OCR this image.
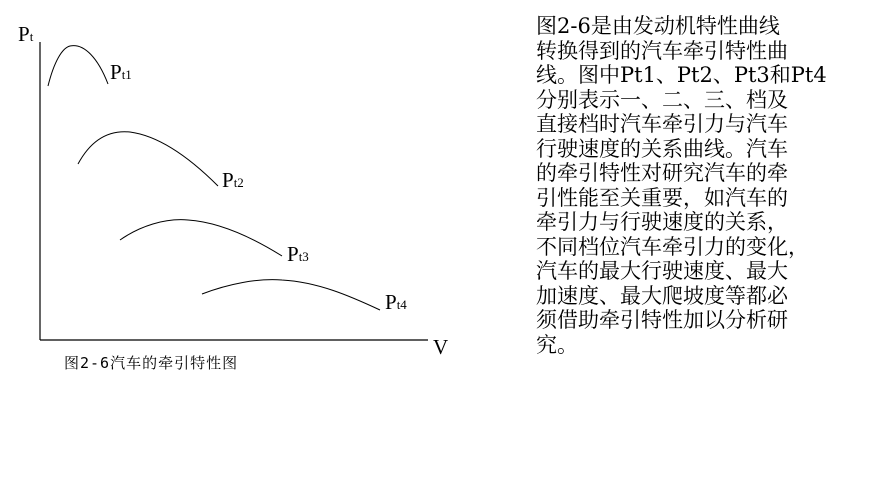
Pt
V
Pt1
Pt2
Pt3
Pt4
图2-6汽车的牵引特性图

图2-6是由发动机特性曲线

转换得到的汽车牵引特性曲

线。图中Pt1、Pt2、Pt3和Pt4

分别表示一、二、三、档及

直接档时汽车牵引力与汽车

行驶速度的关系曲线。汽车

的牵引特性对研究汽车的牵

引性能至关重要，如汽车的

牵引力与行驶速度的关系，

不同档位汽车牵引力的变化，

汽车的最大行驶速度、最大

加速度、最大爬坡度等都必

须借助牵引特性加以分析研

究。
